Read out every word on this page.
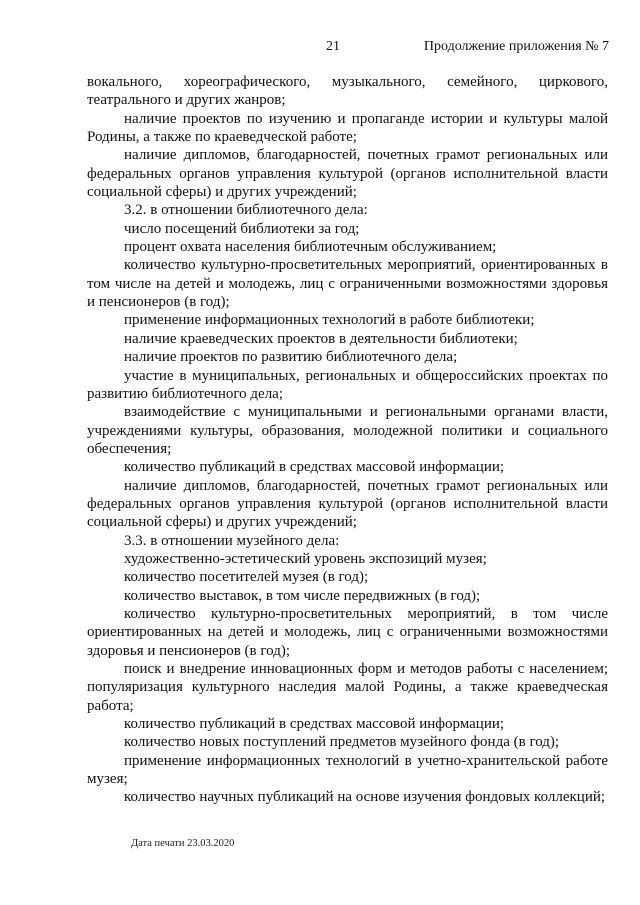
21	Продолжение приложения № 7

вокального, хореографического, музыкального, семейного, циркового, театрального и других жанров;

наличие проектов по изучению и пропаганде истории и культуры малой Родины, а также по краеведческой работе;

наличие дипломов, благодарностей, почетных грамот региональных или федеральных органов управления культурой (органов исполнительной власти социальной сферы) и других учреждений;

3.2. в отношении библиотечного дела:

число посещений библиотеки за год;

процент охвата населения библиотечным обслуживанием;

количество культурно-просветительных мероприятий, ориентированных в том числе на детей и молодежь, лиц с ограниченными возможностями здоровья и пенсионеров (в год);

применение информационных технологий в работе библиотеки;

наличие краеведческих проектов в деятельности библиотеки;

наличие проектов по развитию библиотечного дела;

участие в муниципальных, региональных и общероссийских проектах по развитию библиотечного дела;

взаимодействие с муниципальными и региональными органами власти, учреждениями культуры, образования, молодежной политики и социального обеспечения;

количество публикаций в средствах массовой информации;

наличие дипломов, благодарностей, почетных грамот региональных или федеральных органов управления культурой (органов исполнительной власти социальной сферы) и других учреждений;

3.3. в отношении музейного дела:

художественно-эстетический уровень экспозиций музея;

количество посетителей музея (в год);

количество выставок, в том числе передвижных (в год);

количество культурно-просветительных мероприятий, в том числе ориентированных на детей и молодежь, лиц с ограниченными возможностями здоровья и пенсионеров (в год);

поиск и внедрение инновационных форм и методов работы с населением; популяризация культурного наследия малой Родины, а также краеведческая работа;

количество публикаций в средствах массовой информации;

количество новых поступлений предметов музейного фонда (в год);

применение информационных технологий в учетно-хранительской работе музея;

количество научных публикаций на основе изучения фондовых коллекций;

Дата печати 23.03.2020
